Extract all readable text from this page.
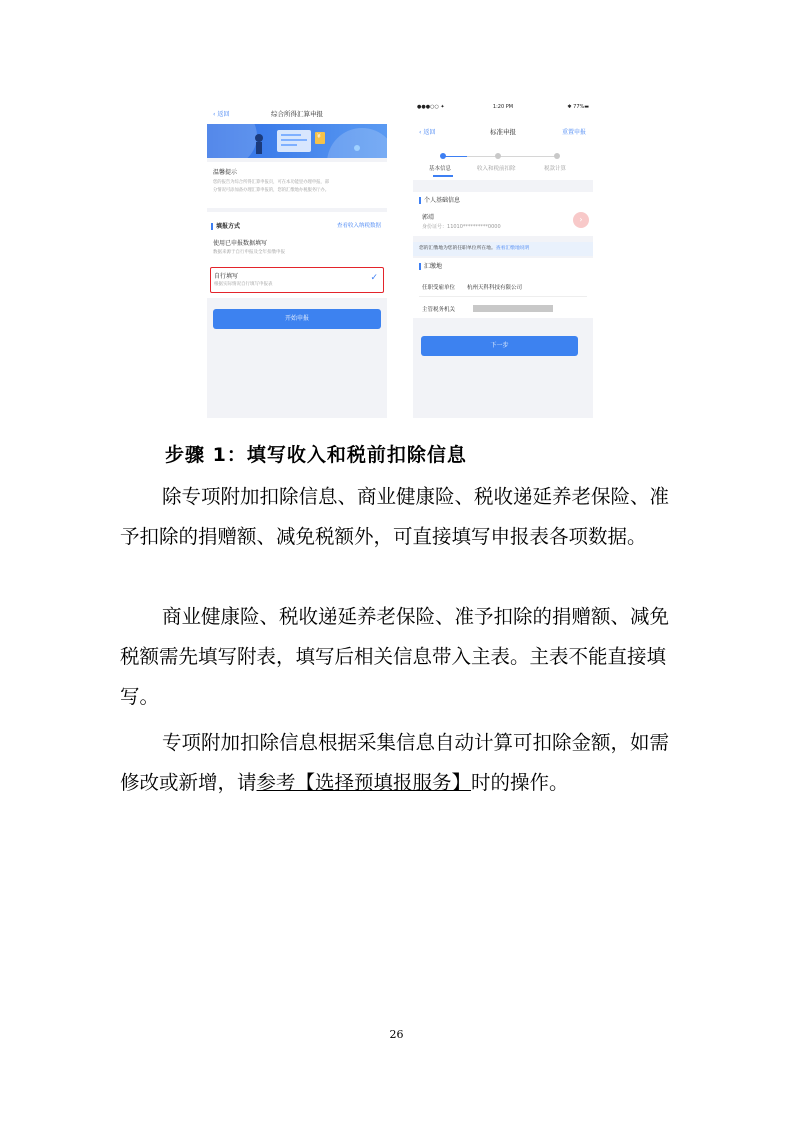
‹ 返回	综合所得汇算申报
¥
温馨提示
您的报告为综合所得汇算申报页，可在本功能里办理申报，部
分情况可添加备办理汇算申报的，您的汇缴地办税服务厅办。
填报方式	查看收入纳税数据
使用已申报数据填写
数据来源于自行申报及全年扣缴申报
自行填写
根据实际情况自行填写申报表
✓
开始申报
●●●○○ ✦	1:20 PM	✱ 77%▬
‹ 返回	标准申报	重置申报
基本信息	收入和税前扣除	税款计算
个人基础信息
郭靖
身份证号：11010**********0000
›
您的汇缴地为您的任职单位所在地。查看汇缴地说明
汇缴地
任职受雇单位 杭州天科科技有限公司
主管税务机关
下一步
步骤 1：填写收入和税前扣除信息
除专项附加扣除信息、商业健康险、税收递延养老保险、准予扣除的捐赠额、减免税额外，可直接填写申报表各项数据。
商业健康险、税收递延养老保险、准予扣除的捐赠额、减免税额需先填写附表，填写后相关信息带入主表。主表不能直接填写。
专项附加扣除信息根据采集信息自动计算可扣除金额，如需修改或新增，请参考【选择预填报服务】时的操作。
26
